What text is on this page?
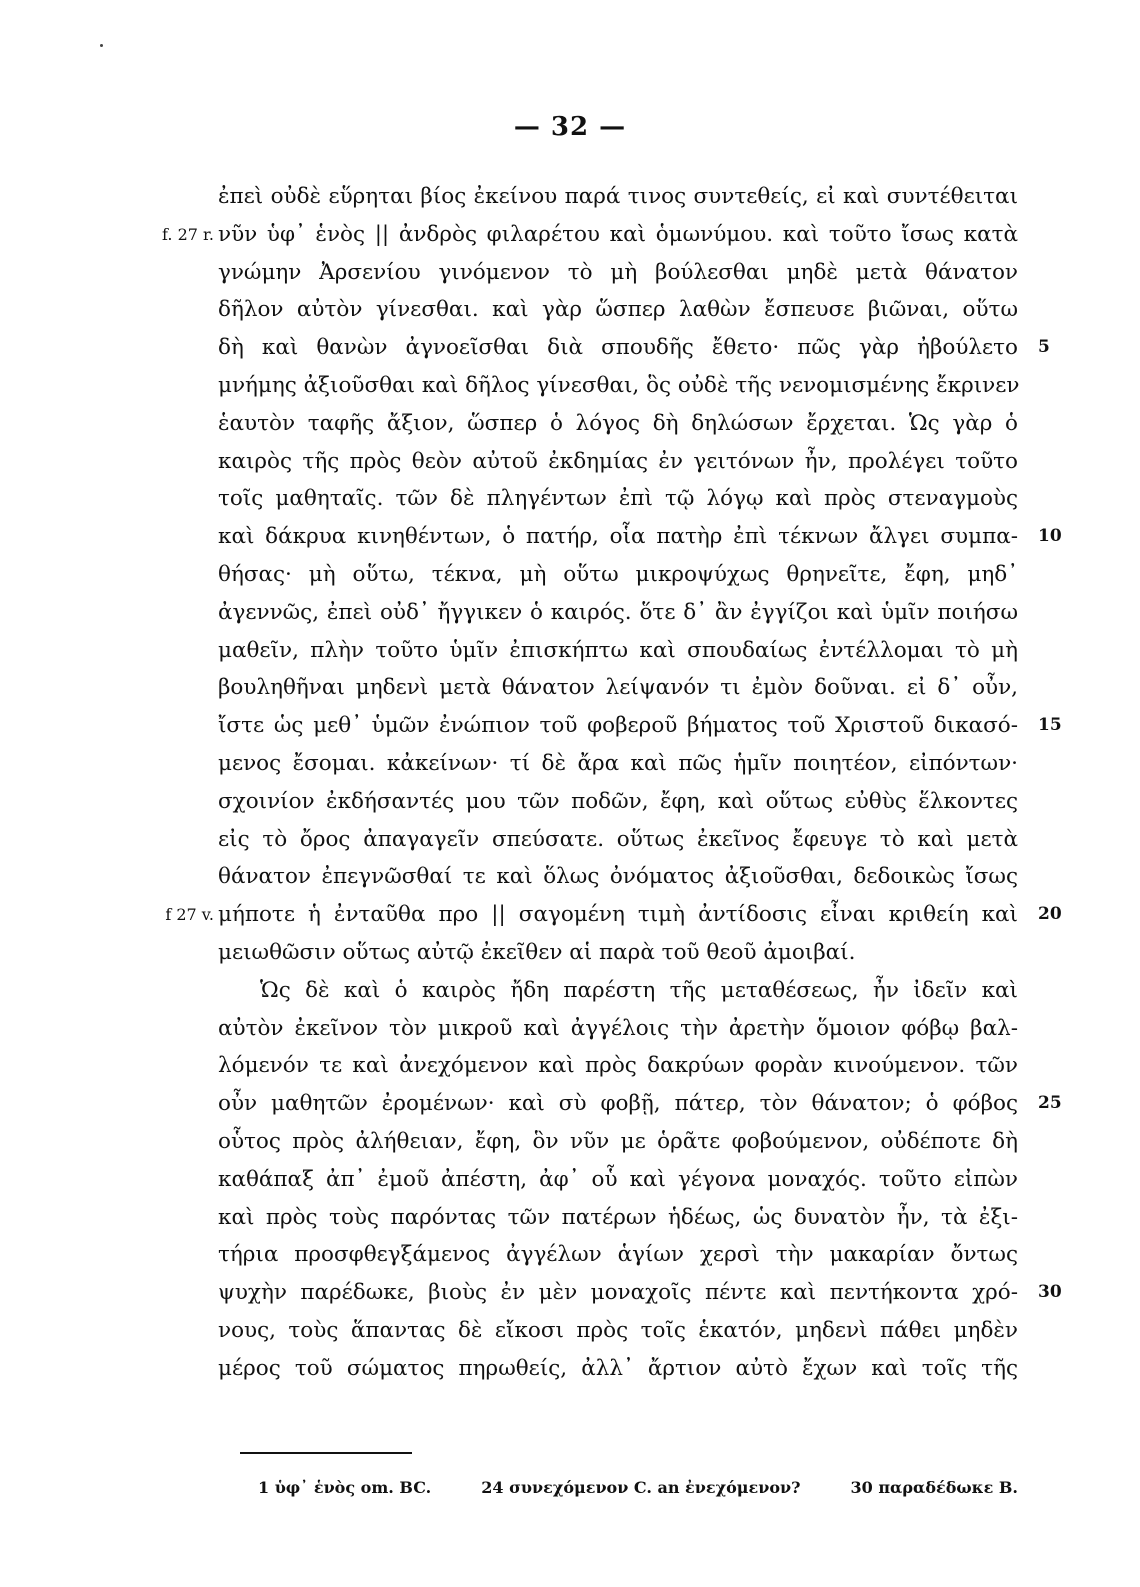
— 32 —
ἐπεὶ οὐδὲ εὕρηται βίος ἐκείνου παρά τινος συντεθείς, εἰ καὶ συντέθειται
f. 27 r. νῦν ὑφ᾿ ἑνὸς || ἀνδρὸς φιλαρέτου καὶ ὁμωνύμου. καὶ τοῦτο ἴσως κατὰ
γνώμην Ἀρσενίου γινόμενον τὸ μὴ βούλεσθαι μηδὲ μετὰ θάνατον
δῆλον αὐτὸν γίνεσθαι. καὶ γὰρ ὥσπερ λαθὼν ἔσπευσε βιῶναι, οὕτω
δὴ καὶ θανὼν ἀγνοεῖσθαι διὰ σπουδῆς ἔθετο· πῶς γὰρ ἠβούλετο 5
μνήμης ἀξιοῦσθαι καὶ δῆλος γίνεσθαι, ὃς οὐδὲ τῆς νενομισμένης ἔκρινεν
ἑαυτὸν ταφῆς ἄξιον, ὥσπερ ὁ λόγος δὴ δηλώσων ἔρχεται. Ὡς γὰρ ὁ
καιρὸς τῆς πρὸς θεὸν αὐτοῦ ἐκδημίας ἐν γειτόνων ἦν, προλέγει τοῦτο
τοῖς μαθηταῖς. τῶν δὲ πληγέντων ἐπὶ τῷ λόγῳ καὶ πρὸς στεναγμοὺς
καὶ δάκρυα κινηθέντων, ὁ πατήρ, οἷα πατὴρ ἐπὶ τέκνων ἄλγει συμπα- 10
θήσας· μὴ οὕτω, τέκνα, μὴ οὕτω μικροψύχως θρηνεῖτε, ἔφη, μηδ᾿
ἀγεννῶς, ἐπεὶ οὐδ᾿ ἤγγικεν ὁ καιρός. ὅτε δ᾿ ἂν ἐγγίζοι καὶ ὑμῖν ποιήσω
μαθεῖν, πλὴν τοῦτο ὑμῖν ἐπισκήπτω καὶ σπουδαίως ἐντέλλομαι τὸ μὴ
βουληθῆναι μηδενὶ μετὰ θάνατον λείψανόν τι ἐμὸν δοῦναι. εἰ δ᾿ οὖν,
ἴστε ὡς μεθ᾿ ὑμῶν ἐνώπιον τοῦ φοβεροῦ βήματος τοῦ Χριστοῦ δικασό- 15
μενος ἔσομαι. κἀκείνων· τί δὲ ἄρα καὶ πῶς ἡμῖν ποιητέον, εἰπόντων·
σχοινίον ἐκδήσαντές μου τῶν ποδῶν, ἔφη, καὶ οὕτως εὐθὺς ἕλκοντες
εἰς τὸ ὄρος ἀπαγαγεῖν σπεύσατε. οὕτως ἐκεῖνος ἔφευγε τὸ καὶ μετὰ
θάνατον ἐπεγνῶσθαί τε καὶ ὅλως ὀνόματος ἀξιοῦσθαι, δεδοικὼς ἴσως
f 27 v. μήποτε ἡ ἐνταῦθα προ || σαγομένη τιμὴ ἀντίδοσις εἶναι κριθείη καὶ 20
μειωθῶσιν οὕτως αὐτῷ ἐκεῖθεν αἱ παρὰ τοῦ θεοῦ ἀμοιβαί.
Ὡς δὲ καὶ ὁ καιρὸς ἤδη παρέστη τῆς μεταθέσεως, ἦν ἰδεῖν καὶ
αὐτὸν ἐκεῖνον τὸν μικροῦ καὶ ἀγγέλοις τὴν ἀρετὴν ὅμοιον φόβῳ βαλ-
λόμενόν τε καὶ ἀνεχόμενον καὶ πρὸς δακρύων φορὰν κινούμενον. τῶν
οὖν μαθητῶν ἐρομένων· καὶ σὺ φοβῇ, πάτερ, τὸν θάνατον; ὁ φόβος 25
οὗτος πρὸς ἀλήθειαν, ἔφη, ὃν νῦν με ὁρᾶτε φοβούμενον, οὐδέποτε δὴ
καθάπαξ ἀπ᾿ ἐμοῦ ἀπέστη, ἀφ᾿ οὗ καὶ γέγονα μοναχός. τοῦτο εἰπὼν
καὶ πρὸς τοὺς παρόντας τῶν πατέρων ἡδέως, ὡς δυνατὸν ἦν, τὰ ἐξι-
τήρια προσφθεγξάμενος ἀγγέλων ἁγίων χερσὶ τὴν μακαρίαν ὄντως
ψυχὴν παρέδωκε, βιοὺς ἐν μὲν μοναχοῖς πέντε καὶ πεντήκοντα χρό- 30
νους, τοὺς ἅπαντας δὲ εἴκοσι πρὸς τοῖς ἑκατόν, μηδενὶ πάθει μηδὲν
μέρος τοῦ σώματος πηρωθείς, ἀλλ᾿ ἄρτιον αὐτὸ ἔχων καὶ τοῖς τῆς
1 ὑφ᾿ ἑνὸς om. BC.	24 συνεχόμενον C. an ἐνεχόμενον?	30 παραδέδωκε B.
